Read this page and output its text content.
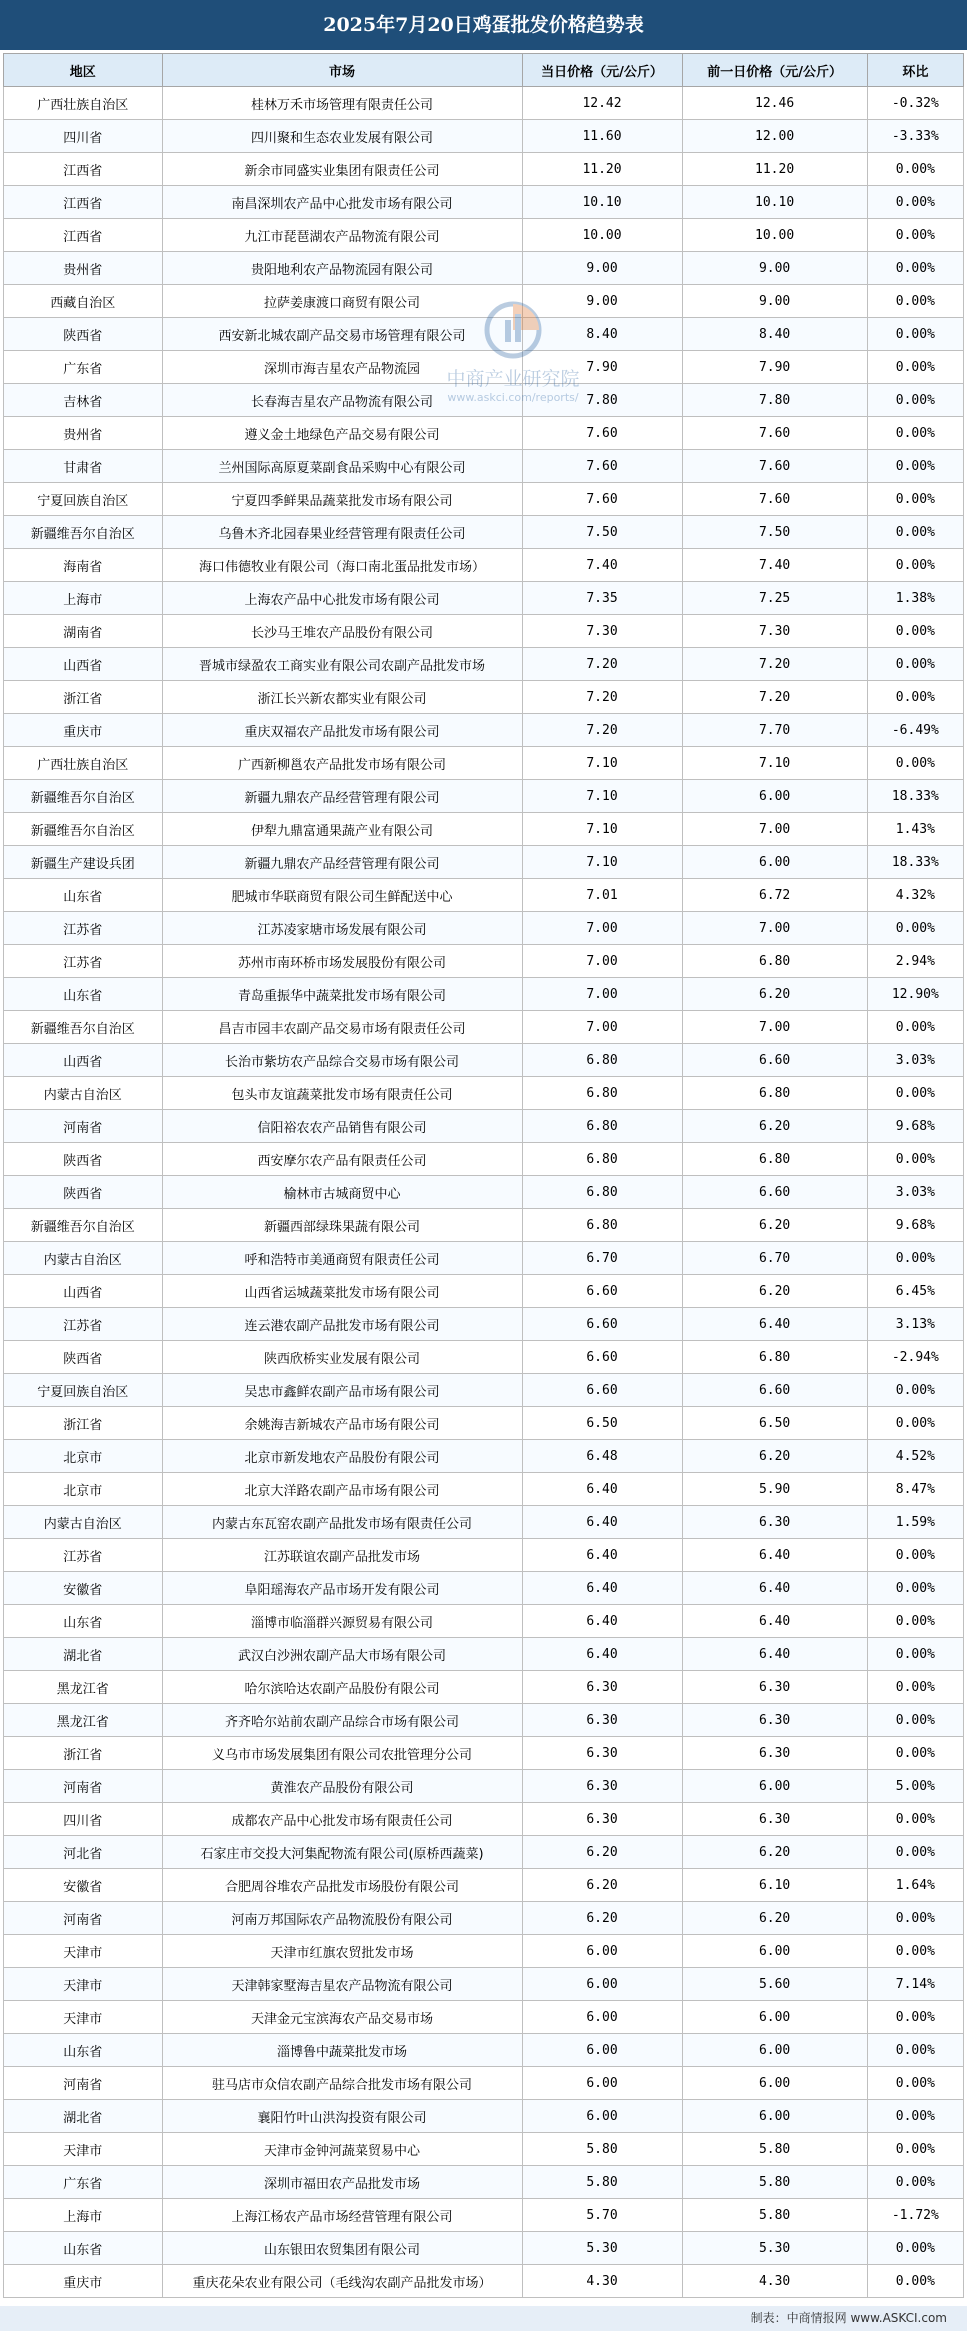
2025年7月20日鸡蛋批发价格趋势表
地区	市场	当日价格（元/公斤）	前一日价格（元/公斤）	环比
广西壮族自治区	桂林万禾市场管理有限责任公司	12.42	12.46	-0.32%
四川省	四川聚和生态农业发展有限公司	11.60	12.00	-3.33%
江西省	新余市同盛实业集团有限责任公司	11.20	11.20	0.00%
江西省	南昌深圳农产品中心批发市场有限公司	10.10	10.10	0.00%
江西省	九江市琵琶湖农产品物流有限公司	10.00	10.00	0.00%
贵州省	贵阳地利农产品物流园有限公司	9.00	9.00	0.00%
西藏自治区	拉萨姜康渡口商贸有限公司	9.00	9.00	0.00%
陕西省	西安新北城农副产品交易市场管理有限公司	8.40	8.40	0.00%
广东省	深圳市海吉星农产品物流园	7.90	7.90	0.00%
吉林省	长春海吉星农产品物流有限公司	7.80	7.80	0.00%
贵州省	遵义金土地绿色产品交易有限公司	7.60	7.60	0.00%
甘肃省	兰州国际高原夏菜副食品采购中心有限公司	7.60	7.60	0.00%
宁夏回族自治区	宁夏四季鲜果品蔬菜批发市场有限公司	7.60	7.60	0.00%
新疆维吾尔自治区	乌鲁木齐北园春果业经营管理有限责任公司	7.50	7.50	0.00%
海南省	海口伟德牧业有限公司（海口南北蛋品批发市场）	7.40	7.40	0.00%
上海市	上海农产品中心批发市场有限公司	7.35	7.25	1.38%
湖南省	长沙马王堆农产品股份有限公司	7.30	7.30	0.00%
山西省	晋城市绿盈农工商实业有限公司农副产品批发市场	7.20	7.20	0.00%
浙江省	浙江长兴新农都实业有限公司	7.20	7.20	0.00%
重庆市	重庆双福农产品批发市场有限公司	7.20	7.70	-6.49%
广西壮族自治区	广西新柳邕农产品批发市场有限公司	7.10	7.10	0.00%
新疆维吾尔自治区	新疆九鼎农产品经营管理有限公司	7.10	6.00	18.33%
新疆维吾尔自治区	伊犁九鼎富通果蔬产业有限公司	7.10	7.00	1.43%
新疆生产建设兵团	新疆九鼎农产品经营管理有限公司	7.10	6.00	18.33%
山东省	肥城市华联商贸有限公司生鲜配送中心	7.01	6.72	4.32%
江苏省	江苏凌家塘市场发展有限公司	7.00	7.00	0.00%
江苏省	苏州市南环桥市场发展股份有限公司	7.00	6.80	2.94%
山东省	青岛重振华中蔬菜批发市场有限公司	7.00	6.20	12.90%
新疆维吾尔自治区	昌吉市园丰农副产品交易市场有限责任公司	7.00	7.00	0.00%
山西省	长治市紫坊农产品综合交易市场有限公司	6.80	6.60	3.03%
内蒙古自治区	包头市友谊蔬菜批发市场有限责任公司	6.80	6.80	0.00%
河南省	信阳裕农农产品销售有限公司	6.80	6.20	9.68%
陕西省	西安摩尔农产品有限责任公司	6.80	6.80	0.00%
陕西省	榆林市古城商贸中心	6.80	6.60	3.03%
新疆维吾尔自治区	新疆西部绿珠果蔬有限公司	6.80	6.20	9.68%
内蒙古自治区	呼和浩特市美通商贸有限责任公司	6.70	6.70	0.00%
山西省	山西省运城蔬菜批发市场有限公司	6.60	6.20	6.45%
江苏省	连云港农副产品批发市场有限公司	6.60	6.40	3.13%
陕西省	陕西欣桥实业发展有限公司	6.60	6.80	-2.94%
宁夏回族自治区	吴忠市鑫鲜农副产品市场有限公司	6.60	6.60	0.00%
浙江省	余姚海吉新城农产品市场有限公司	6.50	6.50	0.00%
北京市	北京市新发地农产品股份有限公司	6.48	6.20	4.52%
北京市	北京大洋路农副产品市场有限公司	6.40	5.90	8.47%
内蒙古自治区	内蒙古东瓦窑农副产品批发市场有限责任公司	6.40	6.30	1.59%
江苏省	江苏联谊农副产品批发市场	6.40	6.40	0.00%
安徽省	阜阳瑶海农产品市场开发有限公司	6.40	6.40	0.00%
山东省	淄博市临淄群兴源贸易有限公司	6.40	6.40	0.00%
湖北省	武汉白沙洲农副产品大市场有限公司	6.40	6.40	0.00%
黑龙江省	哈尔滨哈达农副产品股份有限公司	6.30	6.30	0.00%
黑龙江省	齐齐哈尔站前农副产品综合市场有限公司	6.30	6.30	0.00%
浙江省	义乌市市场发展集团有限公司农批管理分公司	6.30	6.30	0.00%
河南省	黄淮农产品股份有限公司	6.30	6.00	5.00%
四川省	成都农产品中心批发市场有限责任公司	6.30	6.30	0.00%
河北省	石家庄市交投大河集配物流有限公司(原桥西蔬菜)	6.20	6.20	0.00%
安徽省	合肥周谷堆农产品批发市场股份有限公司	6.20	6.10	1.64%
河南省	河南万邦国际农产品物流股份有限公司	6.20	6.20	0.00%
天津市	天津市红旗农贸批发市场	6.00	6.00	0.00%
天津市	天津韩家墅海吉星农产品物流有限公司	6.00	5.60	7.14%
天津市	天津金元宝滨海农产品交易市场	6.00	6.00	0.00%
山东省	淄博鲁中蔬菜批发市场	6.00	6.00	0.00%
河南省	驻马店市众信农副产品综合批发市场有限公司	6.00	6.00	0.00%
湖北省	襄阳竹叶山洪沟投资有限公司	6.00	6.00	0.00%
天津市	天津市金钟河蔬菜贸易中心	5.80	5.80	0.00%
广东省	深圳市福田农产品批发市场	5.80	5.80	0.00%
上海市	上海江杨农产品市场经营管理有限公司	5.70	5.80	-1.72%
山东省	山东银田农贸集团有限公司	5.30	5.30	0.00%
重庆市	重庆花朵农业有限公司（毛线沟农副产品批发市场）	4.30	4.30	0.00%
中商产业研究院
www.askci.com/reports/
制表：中商情报网 www.ASKCI.com
